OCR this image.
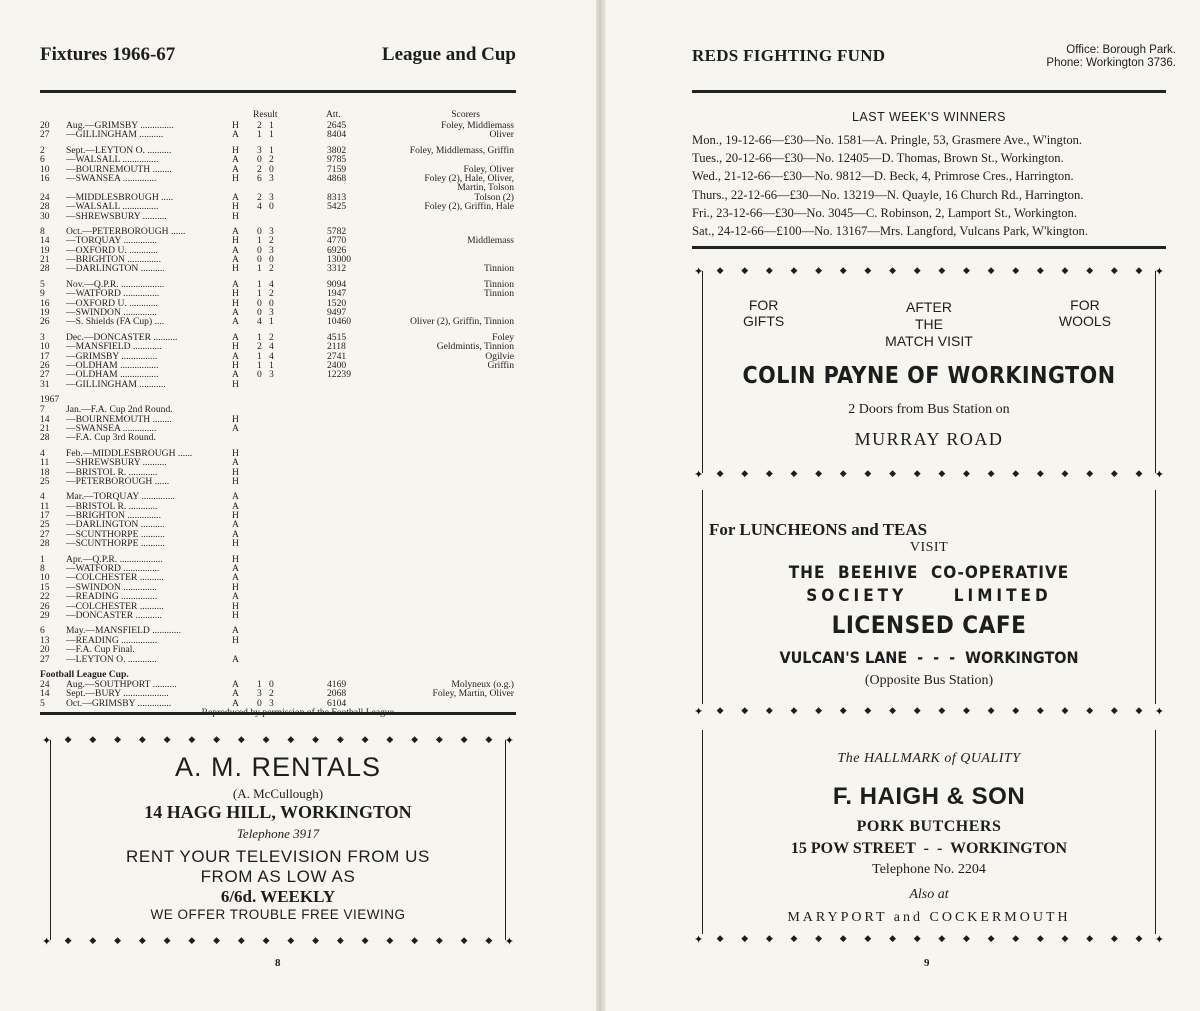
Fixtures 1966-67	League and Cup
Result	Att.	Scorers
20	Aug.—GRIMSBY ..............	H 2   1	2645	Foley, Middlemass
27	—GILLINGHAM ..........	A 1   1	8404	Oliver
2	Sept.—LEYTON O. ..........	H 3   1	3802	Foley, Middlemass, Griffin
6	—WALSALL ...............	A 0   2	9785
10	—BOURNEMOUTH ........	A 2   0	7159	Foley, Oliver
16	—SWANSEA ..............	H 6   3	4868	Foley (2), Hale, Oliver,
Martin, Tolson
24	—MIDDLESBROUGH .....	A 2   3	8313	Tolson (2)
28	—WALSALL ...............	H 4   0	5425	Foley (2), Griffin, Hale
30	—SHREWSBURY ..........	H
8	Oct.—PETERBOROUGH ......	A 0   3	5782
14	—TORQUAY ..............	H 1   2	4770	Middlemass
19	—OXFORD U. ............	A 0   3	6926
21	—BRIGHTON ..............	A 0   0	13000
28	—DARLINGTON ..........	H 1   2	3312	Tinnion
5	Nov.—Q.P.R. ..................	A 1   4	9094	Tinnion
9	—WATFORD ...............	H 1   2	1947	Tinnion
16	—OXFORD U. ............	H 0   0	1520
19	—SWINDON ..............	A 0   3	9497
26	—S. Shields (FA Cup) ....	A 4   1	10460	Oliver (2), Griffin, Tinnion
3	Dec.—DONCASTER ..........	A 1   2	4515	Foley
10	—MANSFIELD ............	H 2   4	2118	Geldmintis, Tinnion
17	—GRIMSBY ...............	A 1   4	2741	Ogilvie
26	—OLDHAM ................	H 1   1	2400	Griffin
27	—OLDHAM ................	A 0   3	12239
31	—GILLINGHAM ...........	H
1967
7	Jan.—F.A. Cup 2nd Round.
14	—BOURNEMOUTH ........	H
21	—SWANSEA ..............	A
28	—F.A. Cup 3rd Round.
4	Feb.—MIDDLESBROUGH ......	H
11	—SHREWSBURY ..........	A
18	—BRISTOL R. ............	H
25	—PETERBOROUGH ......	H
4	Mar.—TORQUAY ..............	A
11	—BRISTOL R. ............	A
17	—BRIGHTON ..............	H
25	—DARLINGTON ..........	A
27	—SCUNTHORPE ..........	A
28	—SCUNTHORPE ..........	H
1	Apr.—Q.P.R. ..................	H
8	—WATFORD ...............	A
10	—COLCHESTER ..........	A
15	—SWINDON ..............	H
22	—READING ...............	A
26	—COLCHESTER ..........	H
29	—DONCASTER ...........	H
6	May.—MANSFIELD ............	A
13	—READING ...............	H
20	—F.A. Cup Final.
27	—LEYTON O. ............	A
Football League Cup.
24	Aug.—SOUTHPORT ..........	A 1   0	4169	Molyneux (o.g.)
14	Sept.—BURY ...................	A 3   2	2068	Foley, Martin, Oliver
5	Oct.—GRIMSBY ..............	A 0   3	6104
✦ ◆ ◆ ◆ ◆ ◆ ◆ ◆ ◆ ◆ ◆ ◆ ◆ ◆ ◆ ◆ ◆ ◆ ◆ ✦
A. M. RENTALS
(A. McCullough)
14 HAGG HILL, WORKINGTON
Telephone 3917
RENT YOUR TELEVISION FROM US
FROM AS LOW AS
6/6d. WEEKLY
WE OFFER TROUBLE FREE VIEWING
✦ ◆ ◆ ◆ ◆ ◆ ◆ ◆ ◆ ◆ ◆ ◆ ◆ ◆ ◆ ◆ ◆ ◆ ◆ ✦
8
REDS FIGHTING FUND	Office: Borough Park.
Phone: Workington 3736.
LAST WEEK'S WINNERS
Mon., 19-12-66—£30—No. 1581—A. Pringle, 53, Grasmere Ave., W'ington.
Tues., 20-12-66—£30—No. 12405—D. Thomas, Brown St., Workington.
Wed., 21-12-66—£30—No. 9812—D. Beck, 4, Primrose Cres., Harrington.
Thurs., 22-12-66—£30—No. 13219—N. Quayle, 16 Church Rd., Harrington.
Fri., 23-12-66—£30—No. 3045—C. Robinson, 2, Lamport St., Workington.
Sat., 24-12-66—£100—No. 13167—Mrs. Langford, Vulcans Park, W'kington.
✦ ◆ ◆ ◆ ◆ ◆ ◆ ◆ ◆ ◆ ◆ ◆ ◆ ◆ ◆ ◆ ◆ ◆ ◆ ✦
FOR
GIFTS
AFTER
THE
MATCH VISIT
FOR
WOOLS
COLIN PAYNE OF WORKINGTON
2 Doors from Bus Station on
MURRAY ROAD
✦ ◆ ◆ ◆ ◆ ◆ ◆ ◆ ◆ ◆ ◆ ◆ ◆ ◆ ◆ ◆ ◆ ◆ ◆ ✦
For LUNCHEONS and TEAS
VISIT
THE  BEEHIVE  CO-OPERATIVE
SOCIETY     LIMITED
LICENSED CAFE
VULCAN'S LANE  -  -  -  WORKINGTON
(Opposite Bus Station)
✦ ◆ ◆ ◆ ◆ ◆ ◆ ◆ ◆ ◆ ◆ ◆ ◆ ◆ ◆ ◆ ◆ ◆ ◆ ✦
The HALLMARK of QUALITY
F. HAIGH & SON
PORK BUTCHERS
15 POW STREET  -  -  WORKINGTON
Telephone No. 2204
Also at
MARYPORT and COCKERMOUTH
✦ ◆ ◆ ◆ ◆ ◆ ◆ ◆ ◆ ◆ ◆ ◆ ◆ ◆ ◆ ◆ ◆ ◆ ◆ ✦
9
